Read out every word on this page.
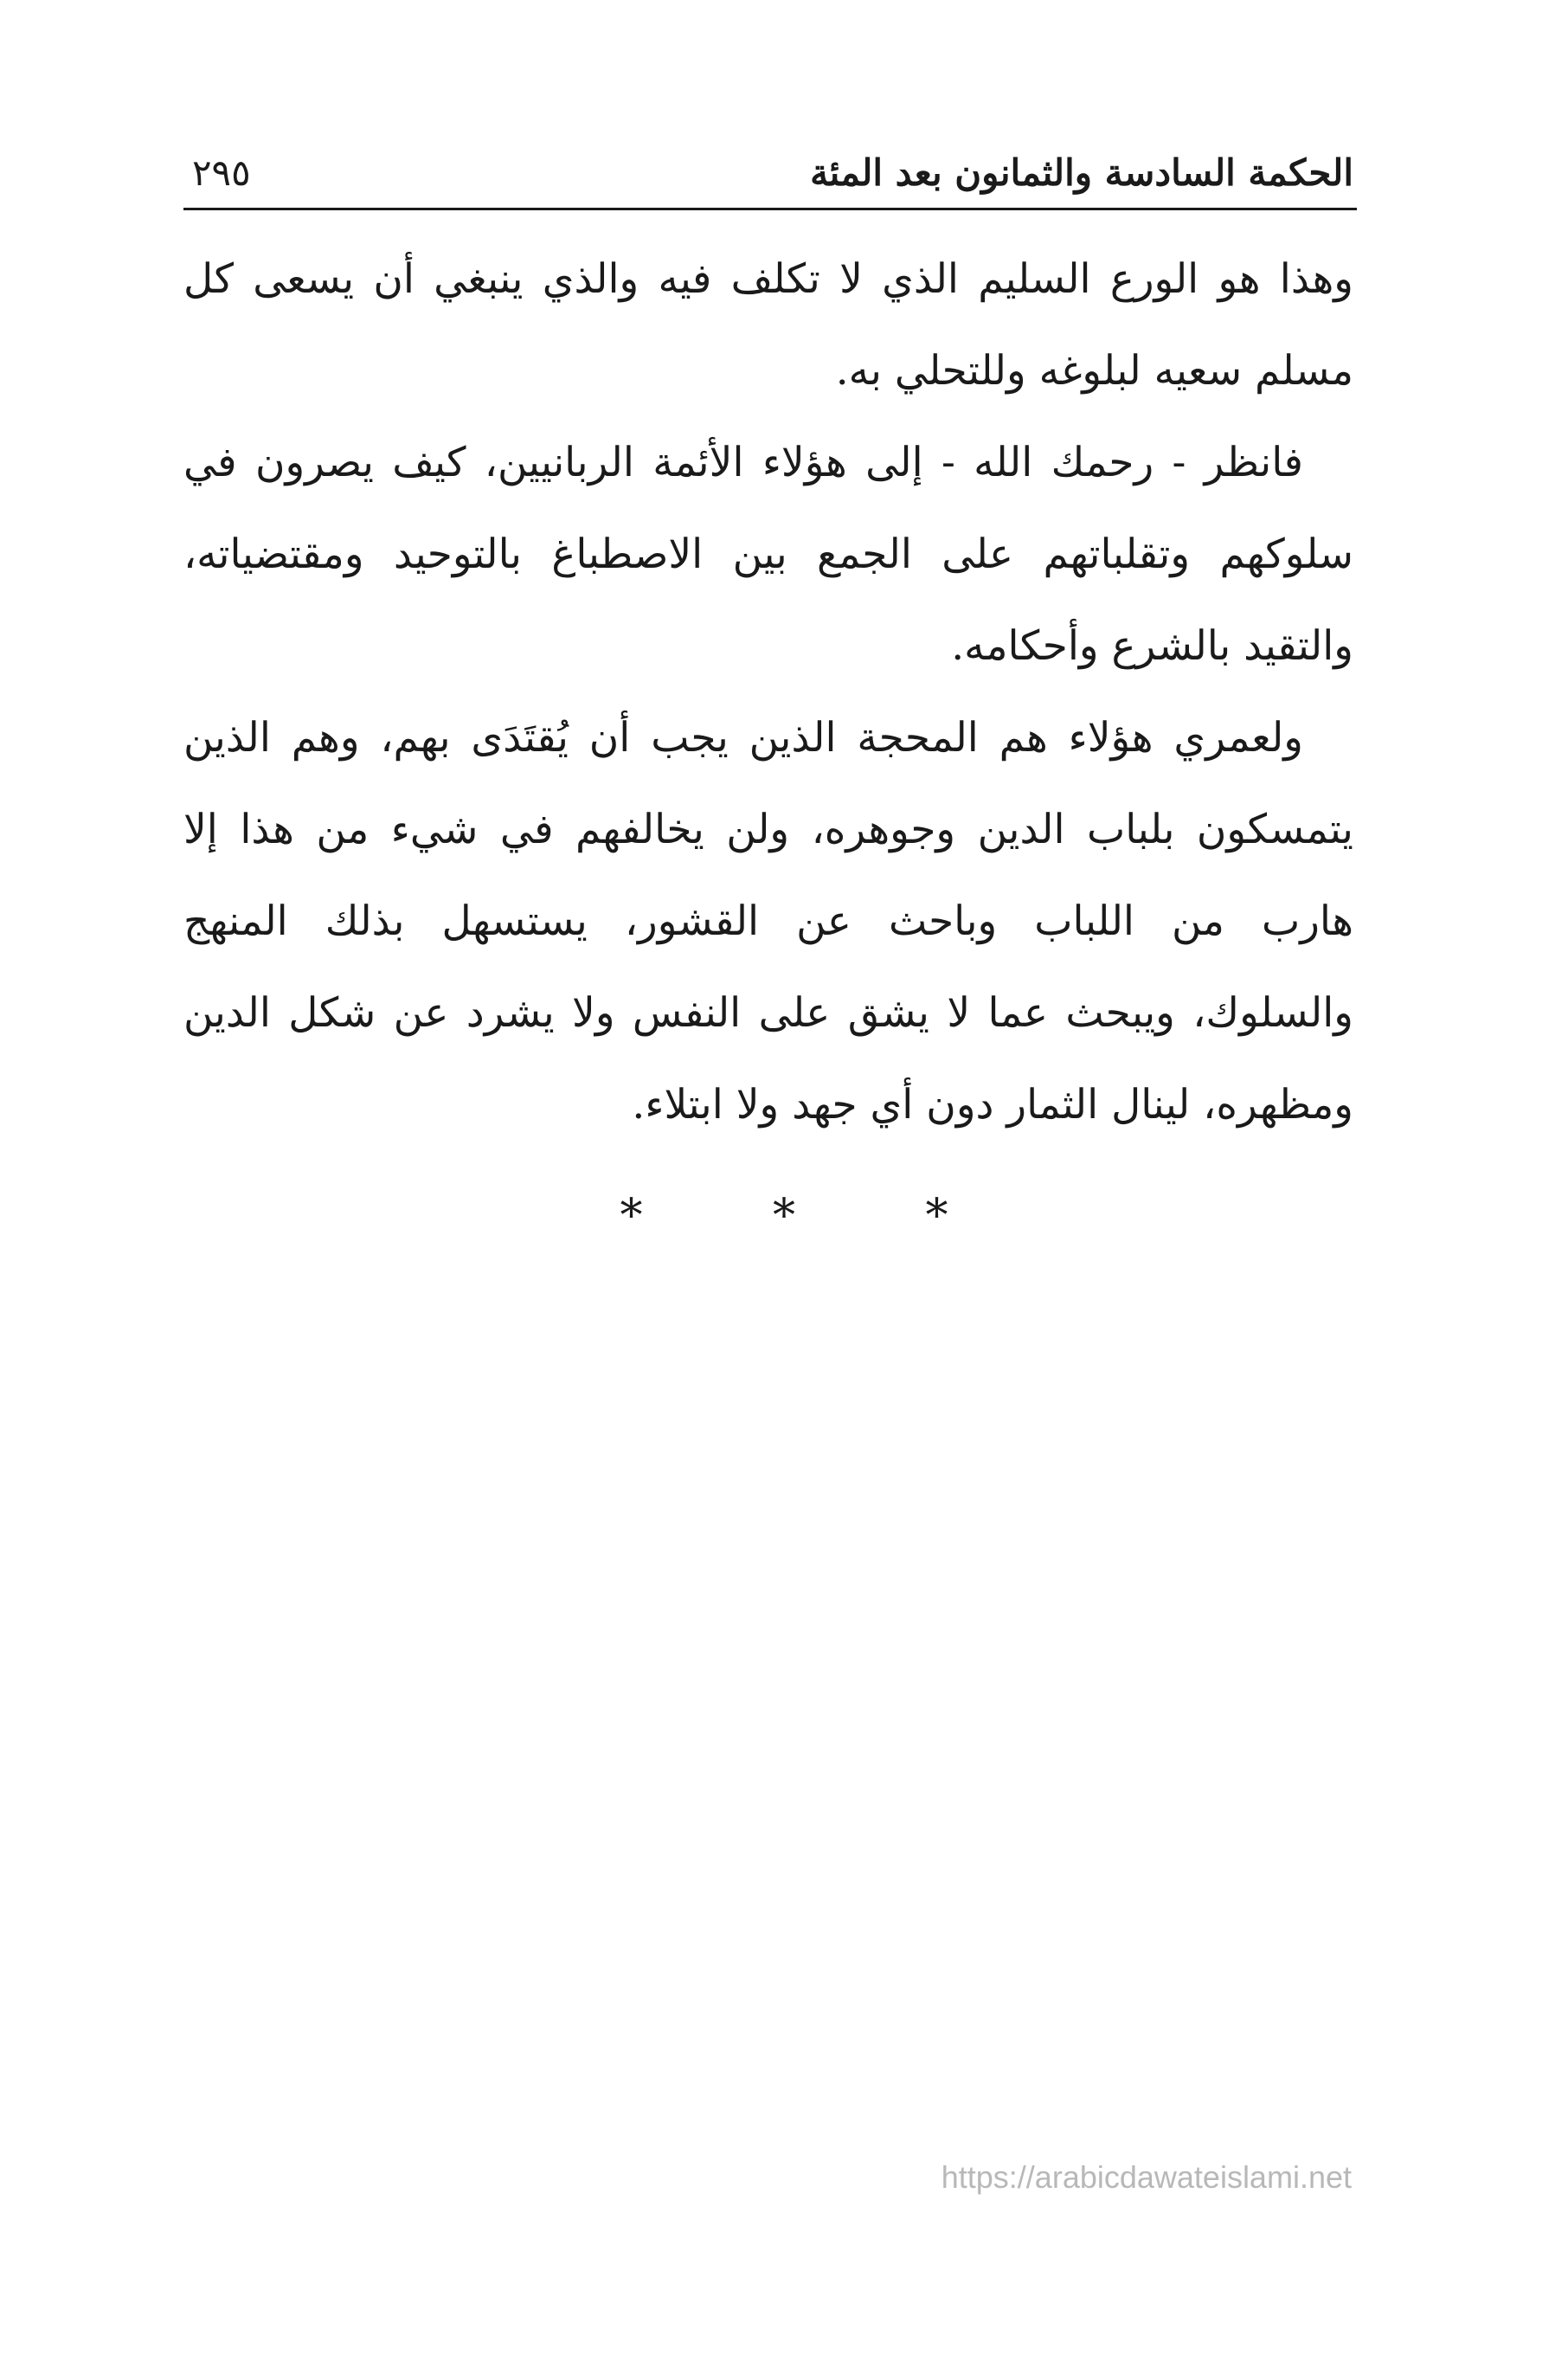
الحكمة السادسة والثمانون بعد المئة
٢٩٥
وهذا هو الورع السليم الذي لا تكلف فيه والذي ينبغي أن يسعى كل
مسلم سعيه لبلوغه وللتحلي به.
فانظر - رحمك الله - إلى هؤلاء الأئمة الربانيين، كيف يصرون في
سلوكهم وتقلباتهم على الجمع بين الاصطباغ بالتوحيد ومقتضياته،
والتقيد بالشرع وأحكامه.
ولعمري هؤلاء هم المحجة الذين يجب أن يُقتَدَى بهم، وهم الذين
يتمسكون بلباب الدين وجوهره، ولن يخالفهم في شيء من هذا إلا
هارب من اللباب وباحث عن القشور، يستسهل بذلك المنهج
والسلوك، ويبحث عما لا يشق على النفس ولا يشرد عن شكل الدين
ومظهره، لينال الثمار دون أي جهد ولا ابتلاء.
*	*	*
https://arabicdawateislami.net
